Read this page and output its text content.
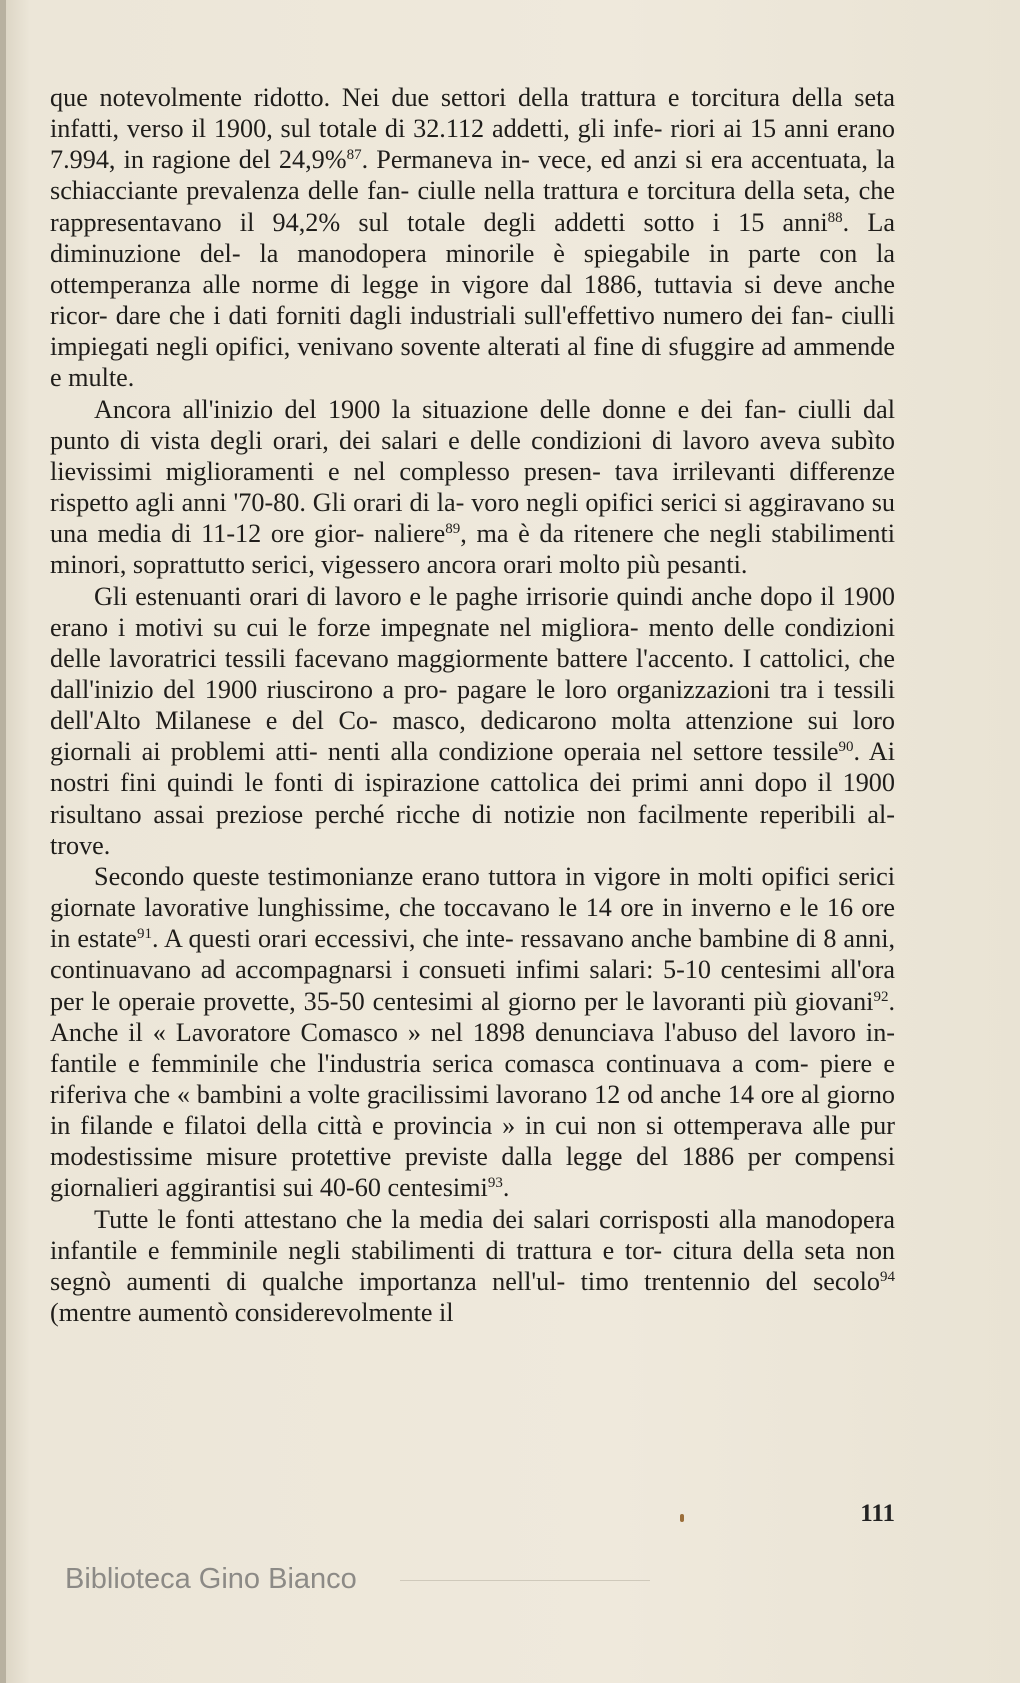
que notevolmente ridotto. Nei due settori della trattura e torcitura della seta infatti, verso il 1900, sul totale di 32.112 addetti, gli infe- riori ai 15 anni erano 7.994, in ragione del 24,9%$^{87}$. Permaneva in- vece, ed anzi si era accentuata, la schiacciante prevalenza delle fan- ciulle nella trattura e torcitura della seta, che rappresentavano il 94,2% sul totale degli addetti sotto i 15 anni$^{88}$. La diminuzione del- la manodopera minorile è spiegabile in parte con la ottemperanza alle norme di legge in vigore dal 1886, tuttavia si deve anche ricor- dare che i dati forniti dagli industriali sull'effettivo numero dei fan- ciulli impiegati negli opifici, venivano sovente alterati al fine di sfuggire ad ammende e multe.

Ancora all'inizio del 1900 la situazione delle donne e dei fan- ciulli dal punto di vista degli orari, dei salari e delle condizioni di lavoro aveva subìto lievissimi miglioramenti e nel complesso presen- tava irrilevanti differenze rispetto agli anni '70-80. Gli orari di la- voro negli opifici serici si aggiravano su una media di 11-12 ore gior- naliere$^{89}$, ma è da ritenere che negli stabilimenti minori, soprattutto serici, vigessero ancora orari molto più pesanti.

Gli estenuanti orari di lavoro e le paghe irrisorie quindi anche dopo il 1900 erano i motivi su cui le forze impegnate nel migliora- mento delle condizioni delle lavoratrici tessili facevano maggiormente battere l'accento. I cattolici, che dall'inizio del 1900 riuscirono a pro- pagare le loro organizzazioni tra i tessili dell'Alto Milanese e del Co- masco, dedicarono molta attenzione sui loro giornali ai problemi atti- nenti alla condizione operaia nel settore tessile$^{90}$. Ai nostri fini quindi le fonti di ispirazione cattolica dei primi anni dopo il 1900 risultano assai preziose perché ricche di notizie non facilmente reperibili al- trove.

Secondo queste testimonianze erano tuttora in vigore in molti opifici serici giornate lavorative lunghissime, che toccavano le 14 ore in inverno e le 16 ore in estate$^{91}$. A questi orari eccessivi, che inte- ressavano anche bambine di 8 anni, continuavano ad accompagnarsi i consueti infimi salari: 5-10 centesimi all'ora per le operaie provette, 35-50 centesimi al giorno per le lavoranti più giovani$^{92}$. Anche il « Lavoratore Comasco » nel 1898 denunciava l'abuso del lavoro in- fantile e femminile che l'industria serica comasca continuava a com- piere e riferiva che « bambini a volte gracilissimi lavorano 12 od anche 14 ore al giorno in filande e filatoi della città e provincia » in cui non si ottemperava alle pur modestissime misure protettive previste dalla legge del 1886 per compensi giornalieri aggirantisi sui 40-60 centesimi$^{93}$.

Tutte le fonti attestano che la media dei salari corrisposti alla manodopera infantile e femminile negli stabilimenti di trattura e tor- citura della seta non segnò aumenti di qualche importanza nell'ul- timo trentennio del secolo$^{94}$ (mentre aumentò considerevolmente il

111
Biblioteca Gino Bianco
